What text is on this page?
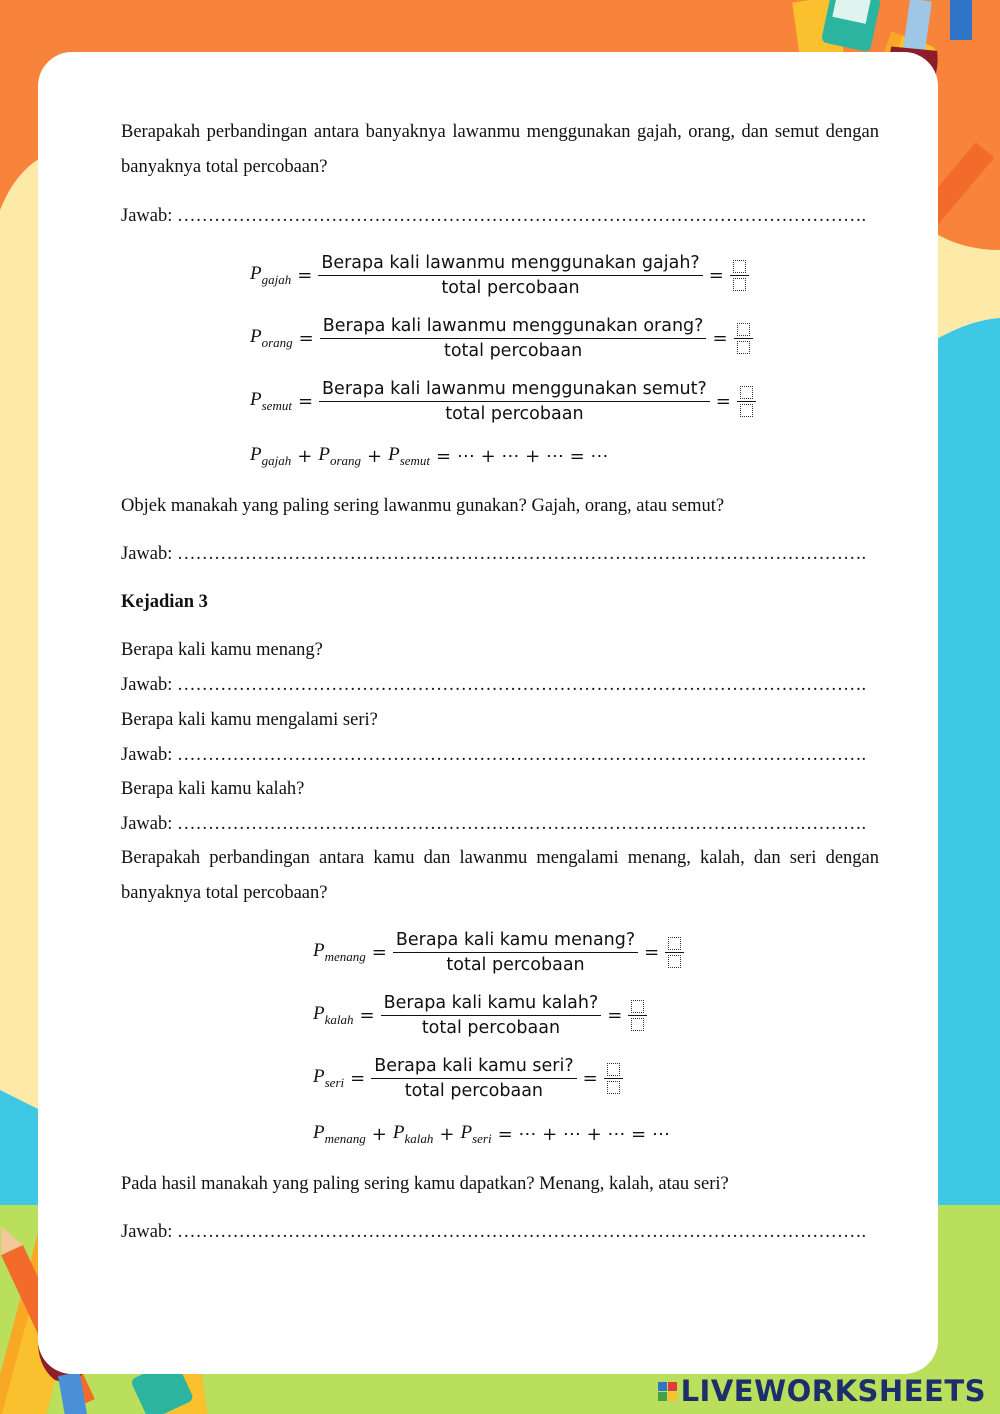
Berapakah perbandingan antara banyaknya lawanmu menggunakan gajah, orang, dan semut dengan banyaknya total percobaan?
Jawab: ………………………………………………………………………………………………….
$P_{gajah} = \frac{\text{Berapa kali lawanmu menggunakan gajah?}}{\text{total percobaan}}$ =
$P_{orang} = \frac{\text{Berapa kali lawanmu menggunakan orang?}}{\text{total percobaan}}$ =
$P_{semut} = \frac{\text{Berapa kali lawanmu menggunakan semut?}}{\text{total percobaan}}$ =
$P_{gajah} + P_{orang} + P_{semut}$ = ⋯ + ⋯ + ⋯ = ⋯
Objek manakah yang paling sering lawanmu gunakan? Gajah, orang, atau semut?
Jawab: ………………………………………………………………………………………………….
Kejadian 3
Berapa kali kamu menang?
Jawab: ………………………………………………………………………………………………….
Berapa kali kamu mengalami seri?
Jawab: ………………………………………………………………………………………………….
Berapa kali kamu kalah?
Jawab: ………………………………………………………………………………………………….
Berapakah perbandingan antara kamu dan lawanmu mengalami menang, kalah, dan seri dengan banyaknya total percobaan?
$P_{menang} = \frac{\text{Berapa kali kamu menang?}}{\text{total percobaan}}$ =
$P_{kalah} = \frac{\text{Berapa kali kamu kalah?}}{\text{total percobaan}}$ =
$P_{seri} = \frac{\text{Berapa kali kamu seri?}}{\text{total percobaan}}$ =
$P_{menang} + P_{kalah} + P_{seri}$ = ⋯ + ⋯ + ⋯ = ⋯
Pada hasil manakah yang paling sering kamu dapatkan? Menang, kalah, atau seri?
Jawab: ………………………………………………………………………………………………….
LIVEWORKSHEETS
